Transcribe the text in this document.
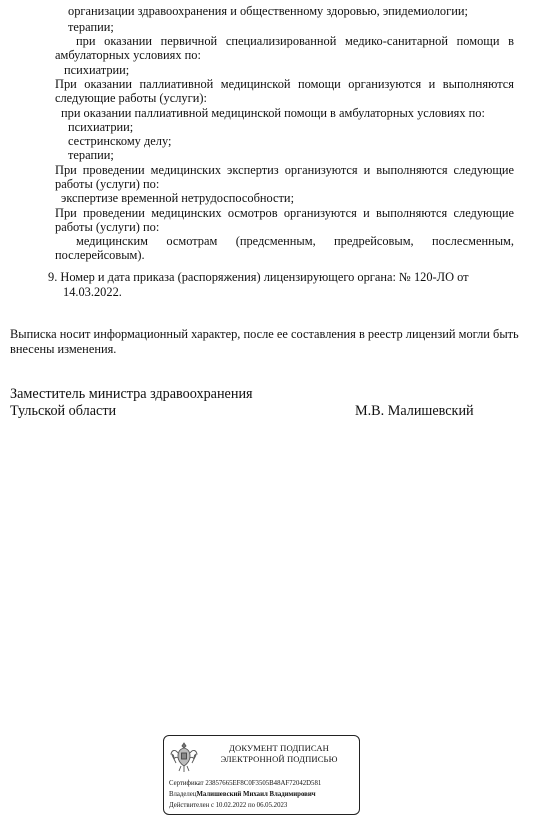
организации здравоохранения и общественному здоровью, эпидемиологии;
терапии;
при оказании первичной специализированной медико-санитарной помощи в
амбулаторных условиях по:
психиатрии;
При оказании паллиативной медицинской помощи организуются и выполняются
следующие работы (услуги):
при оказании паллиативной медицинской помощи в амбулаторных условиях по:
психиатрии;
сестринскому делу;
терапии;
При проведении медицинских экспертиз организуются и выполняются следующие
работы (услуги) по:
экспертизе временной нетрудоспособности;
При проведении медицинских осмотров организуются и выполняются следующие
работы (услуги) по:
медицинским осмотрам (предсменным, предрейсовым, послесменным,
послерейсовым).
9. Номер и дата приказа (распоряжения) лицензирующего органа: № 120-ЛО от
14.03.2022.
Выписка носит информационный характер, после ее составления в реестр лицензий могли быть
внесены изменения.
Заместитель министра здравоохранения
Тульской области	М.В. Малишевский
ДОКУМЕНТ ПОДПИСАН
ЭЛЕКТРОННОЙ ПОДПИСЬЮ
Сертификат 23857665EF8C0F3505B48AF72042D581
ВладелецМалишевский Михаил Владимирович
Действителен с 10.02.2022 по 06.05.2023
